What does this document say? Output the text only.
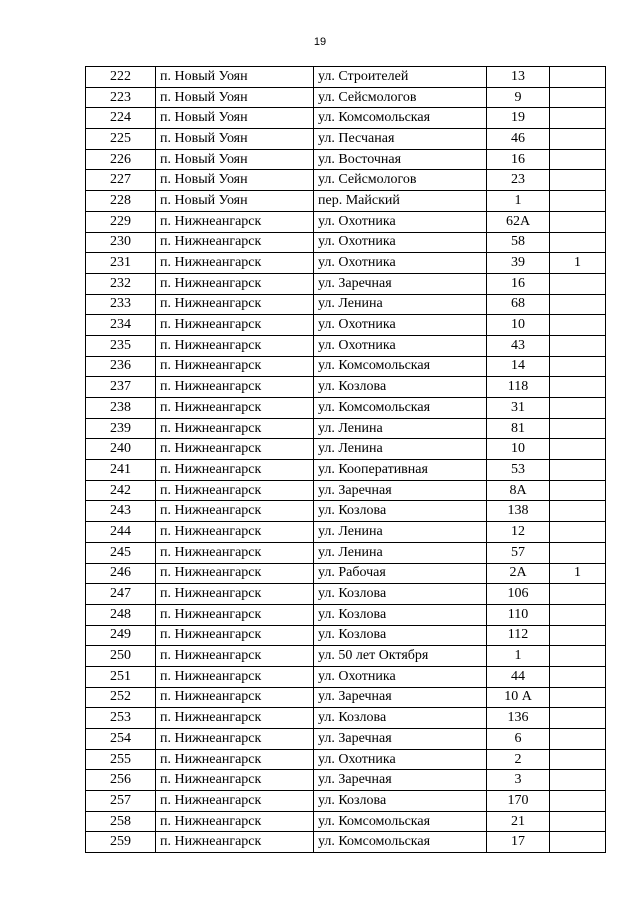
19
222	п. Новый Уоян	ул. Строителей	13	
223	п. Новый Уоян	ул. Сейсмологов	9	
224	п. Новый Уоян	ул. Комсомольская	19	
225	п. Новый Уоян	ул. Песчаная	46	
226	п. Новый Уоян	ул. Восточная	16	
227	п. Новый Уоян	ул. Сейсмологов	23	
228	п. Новый Уоян	пер. Майский	1	
229	п. Нижнеангарск	ул. Охотника	62А	
230	п. Нижнеангарск	ул. Охотника	58	
231	п. Нижнеангарск	ул. Охотника	39	1
232	п. Нижнеангарск	ул. Заречная	16	
233	п. Нижнеангарск	ул. Ленина	68	
234	п. Нижнеангарск	ул. Охотника	10	
235	п. Нижнеангарск	ул. Охотника	43	
236	п. Нижнеангарск	ул. Комсомольская	14	
237	п. Нижнеангарск	ул. Козлова	118	
238	п. Нижнеангарск	ул. Комсомольская	31	
239	п. Нижнеангарск	ул. Ленина	81	
240	п. Нижнеангарск	ул. Ленина	10	
241	п. Нижнеангарск	ул. Кооперативная	53	
242	п. Нижнеангарск	ул. Заречная	8А	
243	п. Нижнеангарск	ул. Козлова	138	
244	п. Нижнеангарск	ул. Ленина	12	
245	п. Нижнеангарск	ул. Ленина	57	
246	п. Нижнеангарск	ул. Рабочая	2А	1
247	п. Нижнеангарск	ул. Козлова	106	
248	п. Нижнеангарск	ул. Козлова	110	
249	п. Нижнеангарск	ул. Козлова	112	
250	п. Нижнеангарск	ул. 50 лет Октября	1	
251	п. Нижнеангарск	ул. Охотника	44	
252	п. Нижнеангарск	ул. Заречная	10 А	
253	п. Нижнеангарск	ул. Козлова	136	
254	п. Нижнеангарск	ул. Заречная	6	
255	п. Нижнеангарск	ул. Охотника	2	
256	п. Нижнеангарск	ул. Заречная	3	
257	п. Нижнеангарск	ул. Козлова	170	
258	п. Нижнеангарск	ул. Комсомольская	21	
259	п. Нижнеангарск	ул. Комсомольская	17	
